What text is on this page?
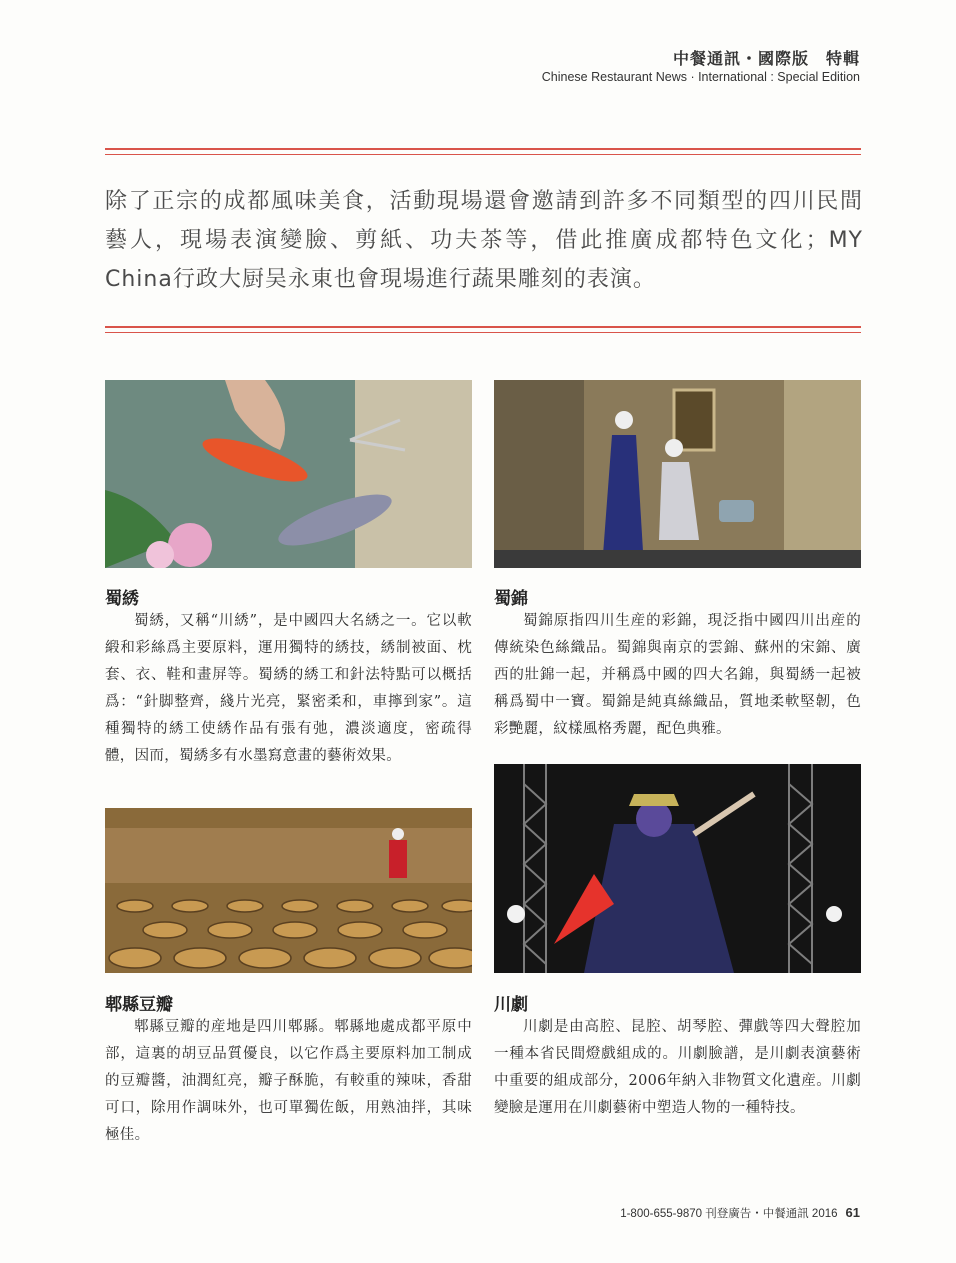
中餐通訊・國際版　特輯
Chinese Restaurant News · International : Special Edition
除了正宗的成都風味美食，活動現場還會邀請到許多不同類型的四川民間藝人，現場表演變臉、剪紙、功夫茶等，借此推廣成都特色文化；MY China行政大厨吴永東也會現場進行蔬果雕刻的表演。
蜀綉
蜀綉，又稱“川綉”，是中國四大名綉之一。它以軟緞和彩絲爲主要原料，運用獨特的綉技，綉制被面、枕套、衣、鞋和畫屏等。蜀綉的綉工和針法特點可以概括爲：“針脚整齊，綫片光亮，緊密柔和，車擰到家”。這種獨特的綉工使綉作品有張有弛，濃淡適度，密疏得體，因而，蜀綉多有水墨寫意畫的藝術效果。
蜀錦
蜀錦原指四川生産的彩錦，現泛指中國四川出産的傳統染色絲織品。蜀錦與南京的雲錦、蘇州的宋錦、廣西的壯錦一起，并稱爲中國的四大名錦，與蜀綉一起被稱爲蜀中一寶。蜀錦是純真絲織品，質地柔軟堅韌，色彩艷麗，紋樣風格秀麗，配色典雅。
郫縣豆瓣
郫縣豆瓣的産地是四川郫縣。郫縣地處成都平原中部，這裏的胡豆品質優良，以它作爲主要原料加工制成的豆瓣醬，油潤紅亮，瓣子酥脆，有較重的辣味，香甜可口，除用作調味外，也可單獨佐飯，用熟油拌，其味極佳。
川劇
川劇是由高腔、昆腔、胡琴腔、彈戲等四大聲腔加一種本省民間燈戲組成的。川劇臉譜，是川劇表演藝術中重要的組成部分，2006年納入非物質文化遺産。川劇變臉是運用在川劇藝術中塑造人物的一種特技。
1-800-655-9870 刊登廣告・中餐通訊 2016 61
